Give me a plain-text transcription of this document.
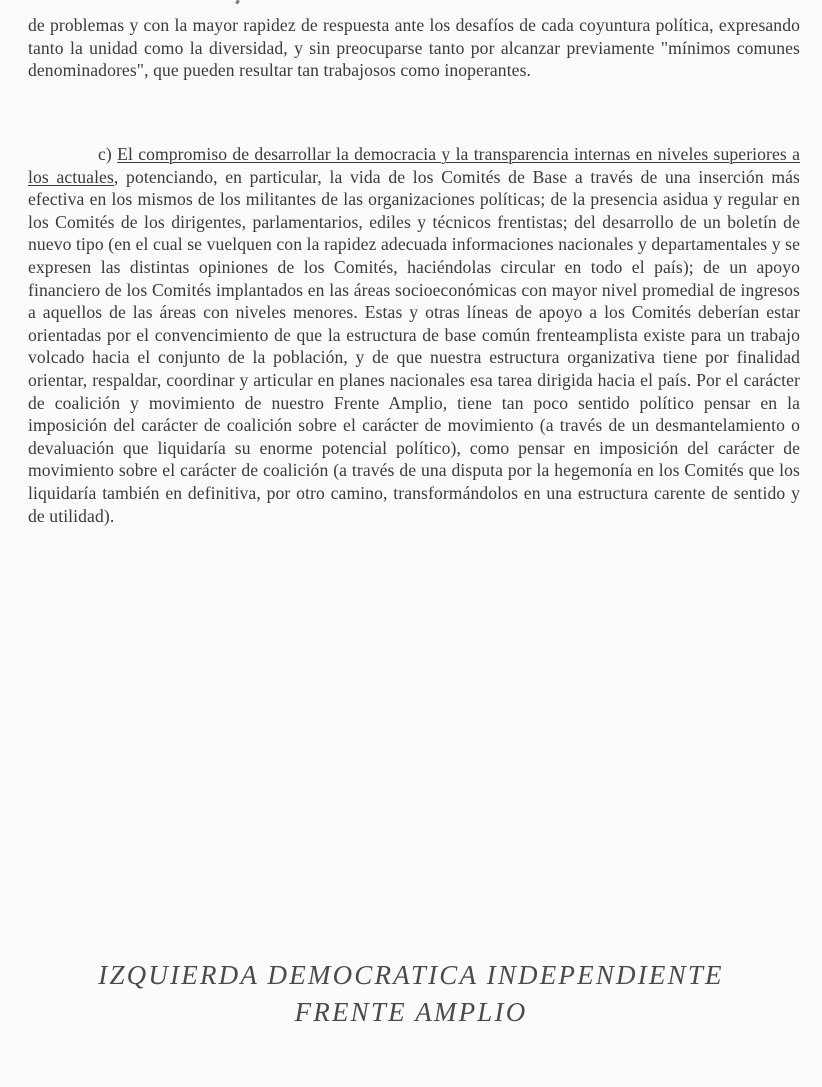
de problemas y con la mayor rapidez de respuesta ante los desafíos de cada coyuntura política, expresando tanto la unidad como la diversidad, y sin preocuparse tanto por alcanzar previamente "mínimos comunes denominadores", que pueden resultar tan trabajosos como inoperantes.

c) El compromiso de desarrollar la democracia y la transparencia internas en niveles superiores a los actuales, potenciando, en particular, la vida de los Comités de Base a través de una inserción más efectiva en los mismos de los militantes de las organizaciones políticas; de la presencia asidua y regular en los Comités de los dirigentes, parlamentarios, ediles y técnicos frentistas; del desarrollo de un boletín de nuevo tipo (en el cual se vuelquen con la rapidez adecuada informaciones nacionales y departamentales y se expresen las distintas opiniones de los Comités, haciéndolas circular en todo el país); de un apoyo financiero de los Comités implantados en las áreas socioeconómicas con mayor nivel promedial de ingresos a aquellos de las áreas con niveles menores. Estas y otras líneas de apoyo a los Comités deberían estar orientadas por el convencimiento de que la estructura de base común frenteamplista existe para un trabajo volcado hacia el conjunto de la población, y de que nuestra estructura organizativa tiene por finalidad orientar, respaldar, coordinar y articular en planes nacionales esa tarea dirigida hacia el país. Por el carácter de coalición y movimiento de nuestro Frente Amplio, tiene tan poco sentido político pensar en la imposición del carácter de coalición sobre el carácter de movimiento (a través de un desmantelamiento o devaluación que liquidaría su enorme potencial político), como pensar en imposición del carácter de movimiento sobre el carácter de coalición (a través de una disputa por la hegemonía en los Comités que los liquidaría también en definitiva, por otro camino, transformándolos en una estructura carente de sentido y de utilidad).

IZQUIERDA DEMOCRATICA INDEPENDIENTE
FRENTE AMPLIO
